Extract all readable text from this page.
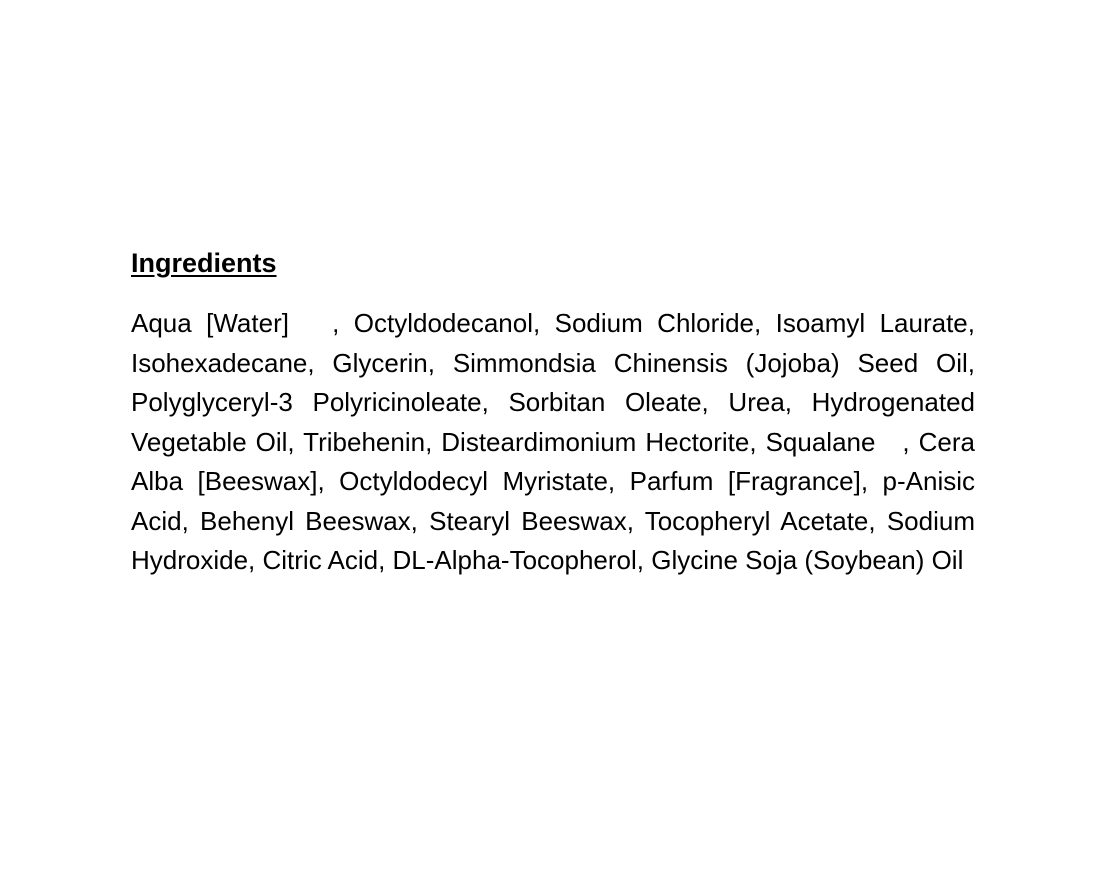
Ingredients

Aqua [Water]   , Octyldodecanol, Sodium Chloride, Isoamyl Laurate, Isohexadecane, Glycerin, Simmondsia Chinensis (Jojoba) Seed Oil, Polyglyceryl-3 Polyricinoleate, Sorbitan Oleate, Urea, Hydrogenated Vegetable Oil, Tribehenin, Disteardimonium Hectorite, Squalane   , Cera Alba [Beeswax], Octyldodecyl Myristate, Parfum [Fragrance], p-Anisic Acid, Behenyl Beeswax, Stearyl Beeswax, Tocopheryl Acetate, Sodium Hydroxide, Citric Acid, DL-Alpha-Tocopherol, Glycine Soja (Soybean) Oil
